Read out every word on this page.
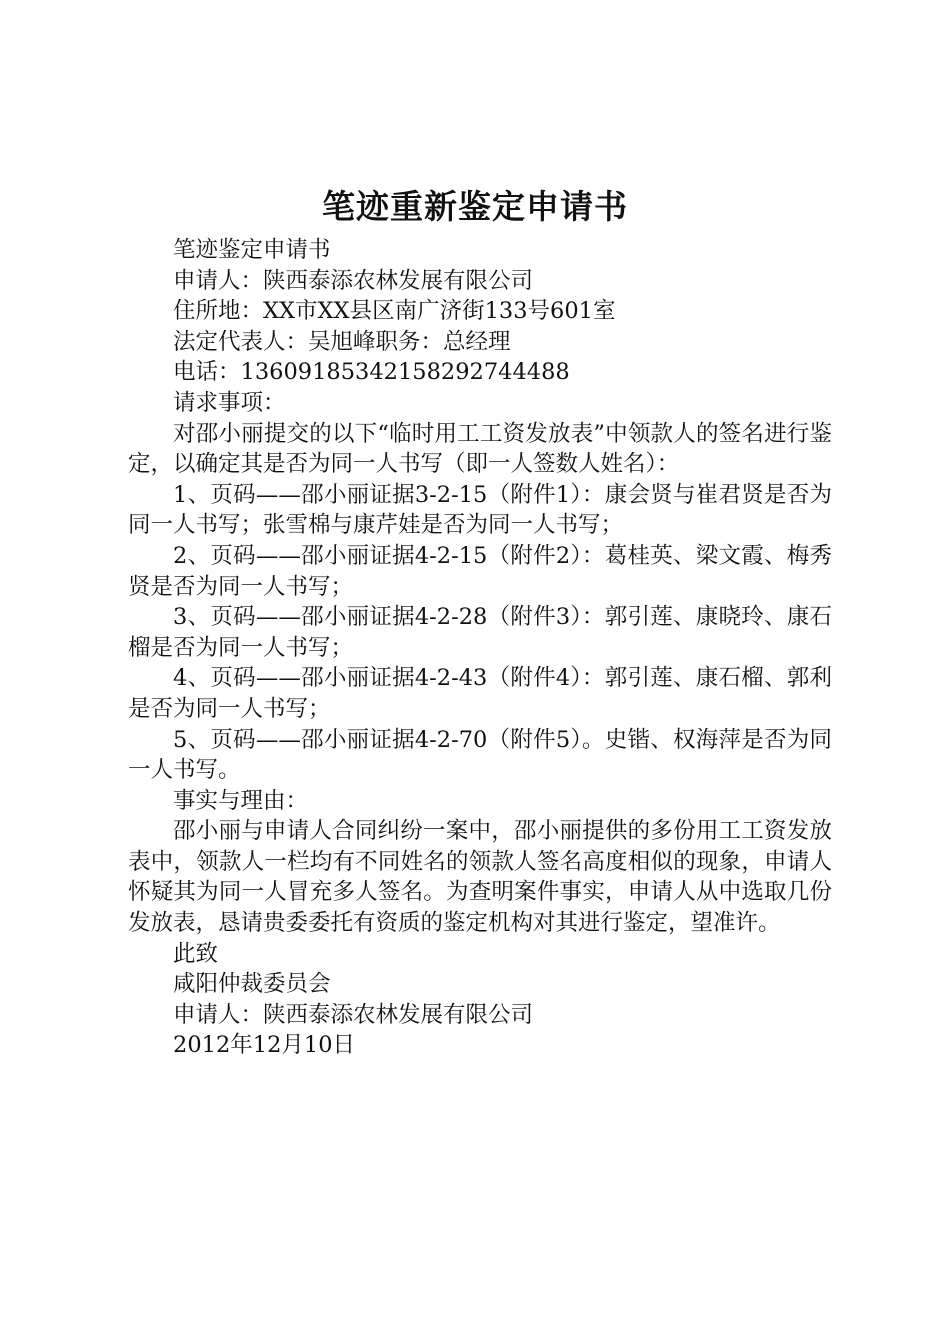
笔迹重新鉴定申请书

笔迹鉴定申请书

申请人：陕西泰添农林发展有限公司

住所地：XX市XX县区南广济街133号601室

法定代表人：吴旭峰职务：总经理

电话：13609185342158292744488

请求事项：

对邵小丽提交的以下“临时用工工资发放表”中领款人的签名进行鉴定，以确定其是否为同一人书写（即一人签数人姓名）：

1、页码——邵小丽证据3-2-15（附件1）：康会贤与崔君贤是否为同一人书写；张雪棉与康芹娃是否为同一人书写；

2、页码——邵小丽证据4-2-15（附件2）：葛桂英、梁文霞、梅秀贤是否为同一人书写；

3、页码——邵小丽证据4-2-28（附件3）：郭引莲、康晓玲、康石榴是否为同一人书写；

4、页码——邵小丽证据4-2-43（附件4）：郭引莲、康石榴、郭利是否为同一人书写；

5、页码——邵小丽证据4-2-70（附件5）。史锴、权海萍是否为同一人书写。

事实与理由：

邵小丽与申请人合同纠纷一案中，邵小丽提供的多份用工工资发放表中，领款人一栏均有不同姓名的领款人签名高度相似的现象，申请人怀疑其为同一人冒充多人签名。为查明案件事实，申请人从中选取几份发放表，恳请贵委委托有资质的鉴定机构对其进行鉴定，望准许。

此致

咸阳仲裁委员会

申请人：陕西泰添农林发展有限公司

2012年12月10日
